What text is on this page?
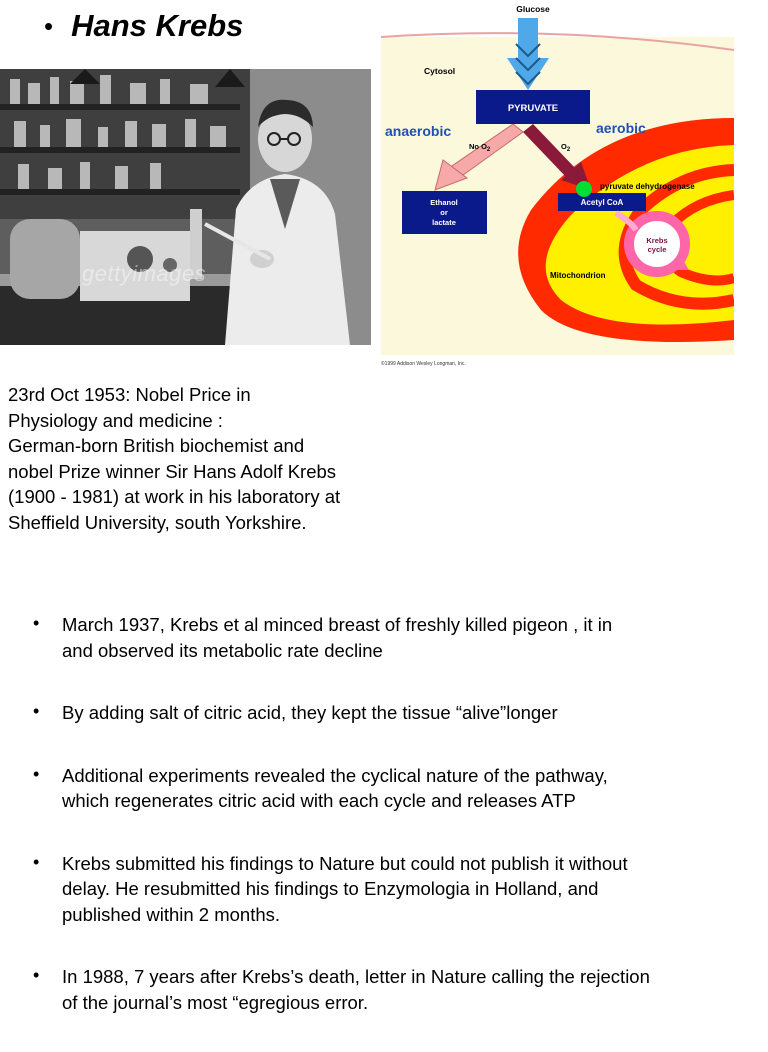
• Hans Krebs
gettyimages
Glucose
Cytosol
PYRUVATE
anaerobic	aerobic
No $O_2$	$O_2$
Ethanol
or
lactate
pyruvate dehydrogenase
Acetyl CoA
Krebs
cycle
Mitochondrion
©1999 Addison Wesley Longman, Inc.
23rd Oct 1953: Nobel Price in
Physiology and medicine :
German-born British biochemist and
nobel Prize winner Sir Hans Adolf Krebs
(1900 - 1981) at work in his laboratory at
Sheffield University, south Yorkshire.
• March 1937, Krebs et al minced breast of freshly killed pigeon , it in
and observed its metabolic rate decline
• By adding salt of citric acid, they kept the tissue “alive”longer
• Additional experiments revealed the cyclical nature of the pathway,
which regenerates citric acid with each cycle and releases ATP
• Krebs submitted his findings to Nature but could not publish it without
delay. He resubmitted his findings to Enzymologia in Holland, and
published within 2 months.
• In 1988, 7 years after Krebs’s death, letter in Nature calling the rejection
of the journal’s most “egregious error.
